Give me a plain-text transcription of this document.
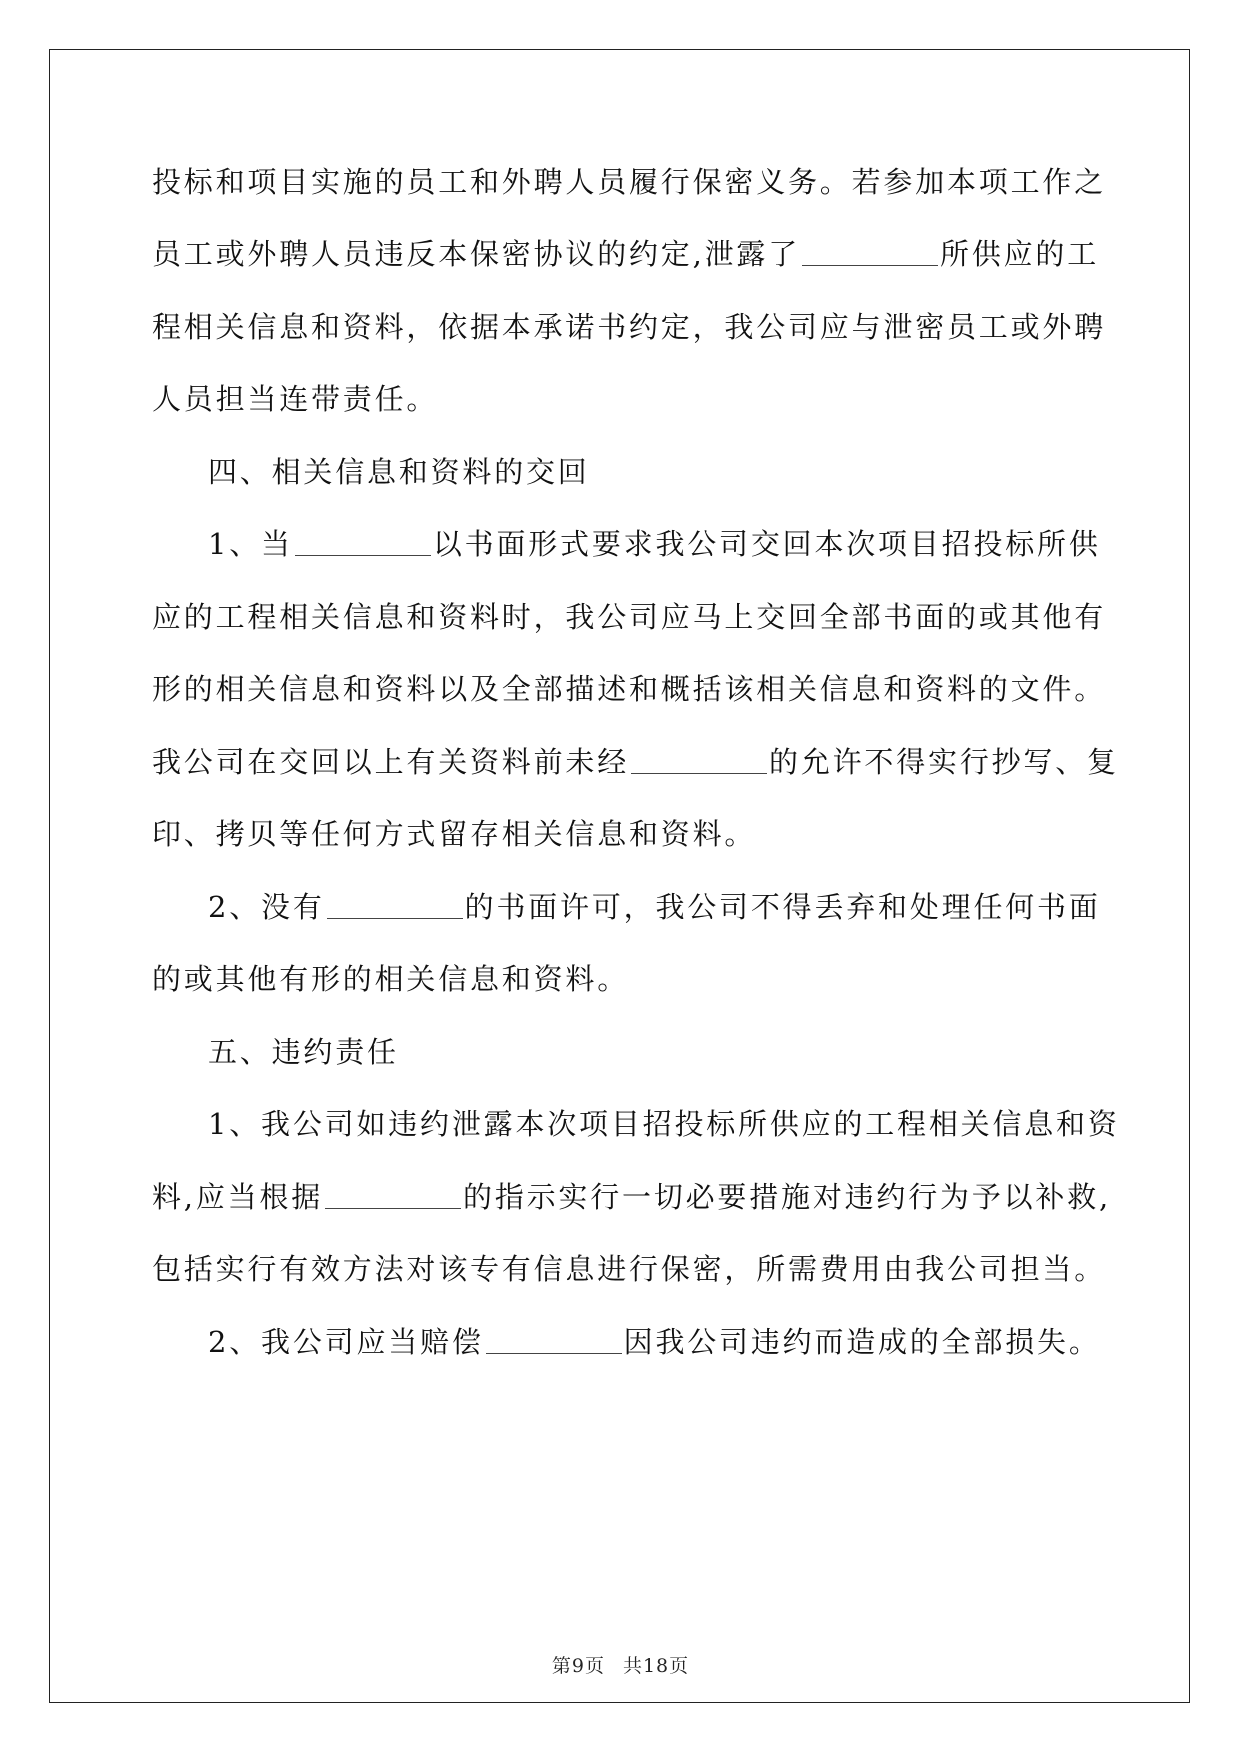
投标和项目实施的员工和外聘人员履行保密义务。若参加本项工作之
员工或外聘人员违反本保密协议的约定,泄露了	所供应的工
程相关信息和资料，依据本承诺书约定，我公司应与泄密员工或外聘
人员担当连带责任。
四、相关信息和资料的交回
1、当	以书面形式要求我公司交回本次项目招投标所供
应的工程相关信息和资料时，我公司应马上交回全部书面的或其他有
形的相关信息和资料以及全部描述和概括该相关信息和资料的文件。
我公司在交回以上有关资料前未经	的允许不得实行抄写、复
印、拷贝等任何方式留存相关信息和资料。
2、没有	的书面许可，我公司不得丢弃和处理任何书面
的或其他有形的相关信息和资料。
五、违约责任
1、我公司如违约泄露本次项目招投标所供应的工程相关信息和资
料,应当根据	的指示实行一切必要措施对违约行为予以补救,
包括实行有效方法对该专有信息进行保密，所需费用由我公司担当。
2、我公司应当赔偿	因我公司违约而造成的全部损失。
第9页 共18页
